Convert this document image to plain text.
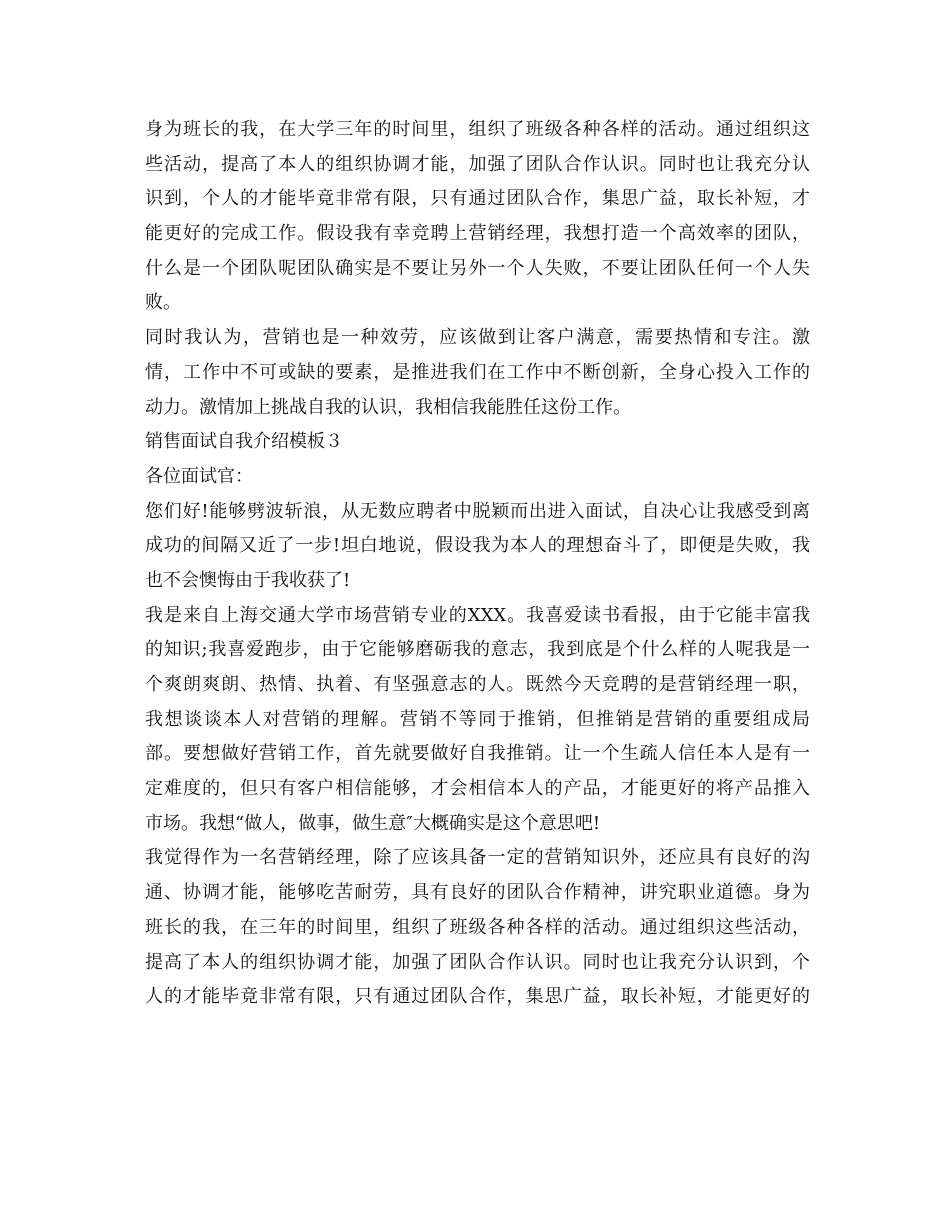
身为班长的我，在大学三年的时间里，组织了班级各种各样的活动。通过组织这
些活动，提高了本人的组织协调才能，加强了团队合作认识。同时也让我充分认
识到，个人的才能毕竟非常有限，只有通过团队合作，集思广益，取长补短，才
能更好的完成工作。假设我有幸竞聘上营销经理，我想打造一个高效率的团队，
什么是一个团队呢团队确实是不要让另外一个人失败，不要让团队任何一个人失
败。
同时我认为，营销也是一种效劳，应该做到让客户满意，需要热情和专注。激
情，工作中不可或缺的要素，是推进我们在工作中不断创新，全身心投入工作的
动力。激情加上挑战自我的认识，我相信我能胜任这份工作。
销售面试自我介绍模板３
各位面试官：
您们好!能够劈波斩浪，从无数应聘者中脱颖而出进入面试，自决心让我感受到离
成功的间隔又近了一步!坦白地说，假设我为本人的理想奋斗了，即便是失败，我
也不会懊悔由于我收获了!
我是来自上海交通大学市场营销专业的XXX。我喜爱读书看报，由于它能丰富我
的知识;我喜爱跑步，由于它能够磨砺我的意志，我到底是个什么样的人呢我是一
个爽朗爽朗、热情、执着、有坚强意志的人。既然今天竞聘的是营销经理一职，
我想谈谈本人对营销的理解。营销不等同于推销，但推销是营销的重要组成局
部。要想做好营销工作，首先就要做好自我推销。让一个生疏人信任本人是有一
定难度的，但只有客户相信能够，才会相信本人的产品，才能更好的将产品推入
市场。我想“做人，做事，做生意″大概确实是这个意思吧!
我觉得作为一名营销经理，除了应该具备一定的营销知识外，还应具有良好的沟
通、协调才能，能够吃苦耐劳，具有良好的团队合作精神，讲究职业道德。身为
班长的我，在三年的时间里，组织了班级各种各样的活动。通过组织这些活动，
提高了本人的组织协调才能，加强了团队合作认识。同时也让我充分认识到，个
人的才能毕竟非常有限，只有通过团队合作，集思广益，取长补短，才能更好的
